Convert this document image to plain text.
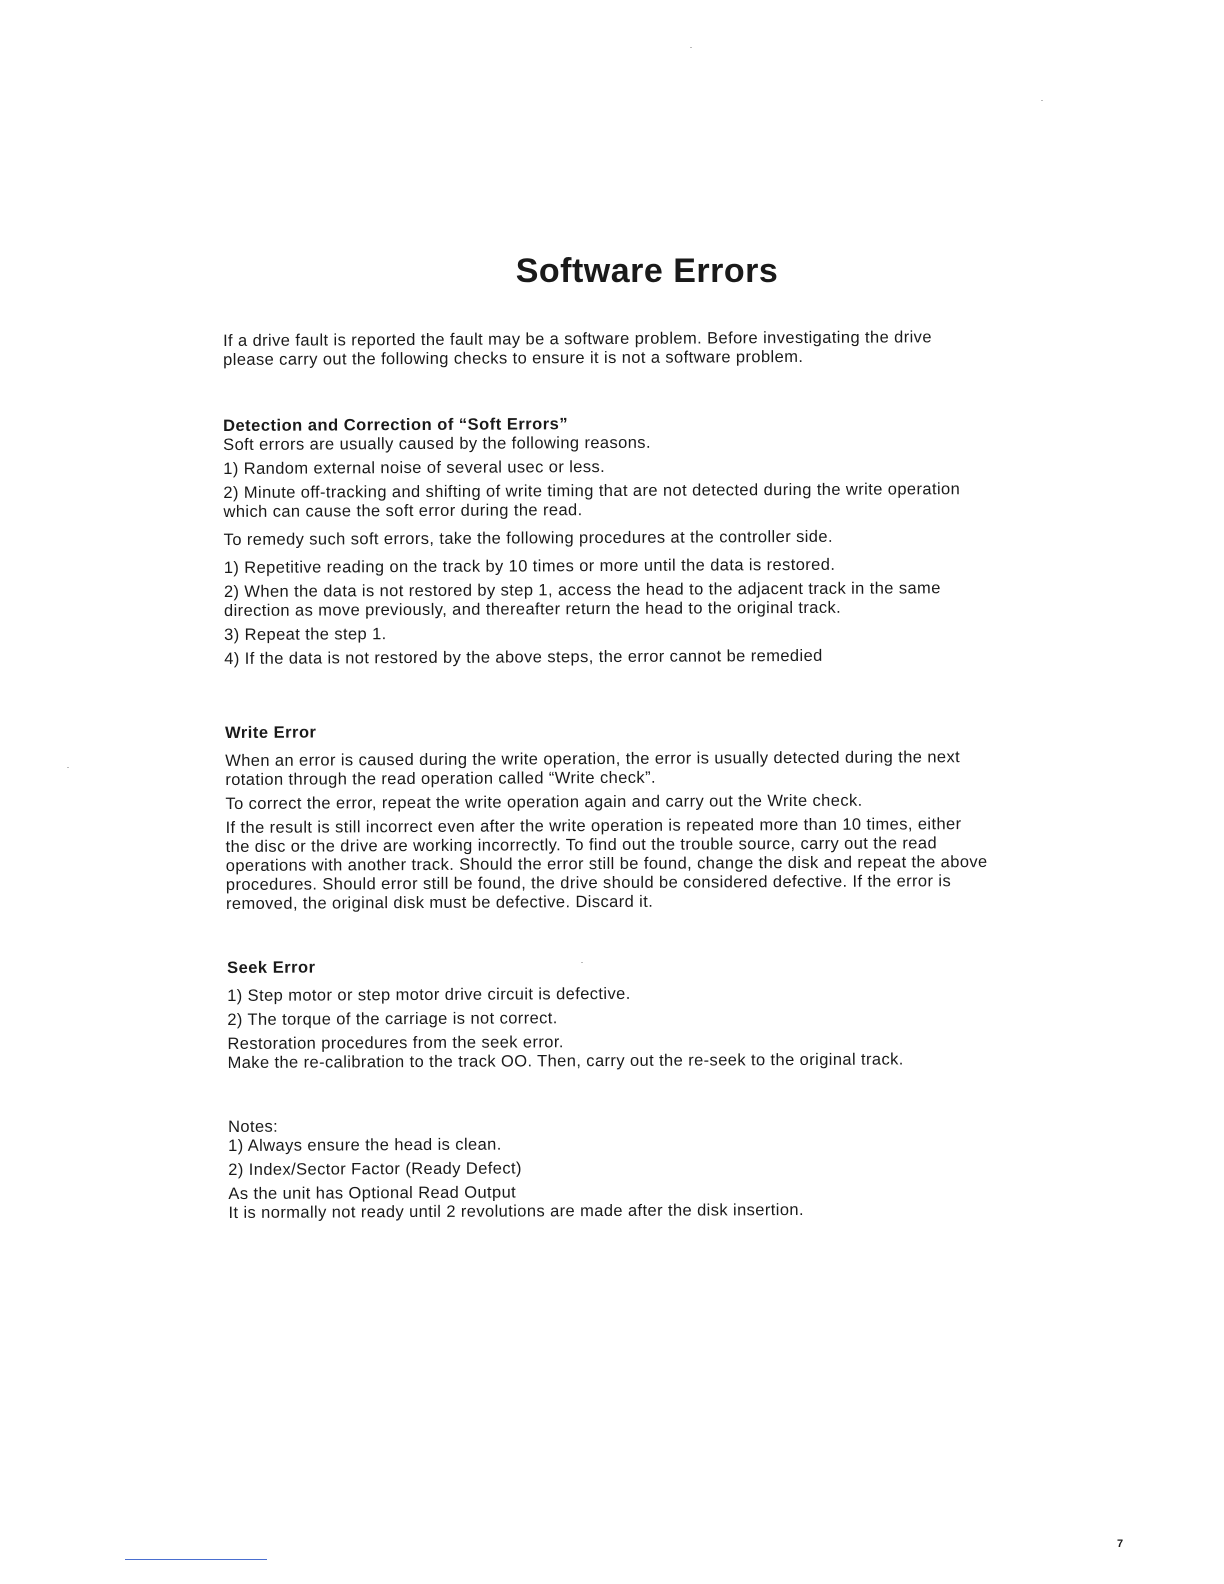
Software Errors

If a drive fault is reported the fault may be a software problem. Before investigating the drive

please carry out the following checks to ensure it is not a software problem.

Detection and Correction of “Soft Errors”

Soft errors are usually caused by the following reasons.

1) Random external noise of several usec or less.

2) Minute off-tracking and shifting of write timing that are not detected during the write operation

which can cause the soft error during the read.

To remedy such soft errors, take the following procedures at the controller side.

1) Repetitive reading on the track by 10 times or more until the data is restored.

2) When the data is not restored by step 1, access the head to the adjacent track in the same

direction as move previously, and thereafter return the head to the original track.

3) Repeat the step 1.

4) If the data is not restored by the above steps, the error cannot be remedied

Write Error

When an error is caused during the write operation, the error is usually detected during the next

rotation through the read operation called “Write check”.

To correct the error, repeat the write operation again and carry out the Write check.

If the result is still incorrect even after the write operation is repeated more than 10 times, either

the disc or the drive are working incorrectly. To find out the trouble source, carry out the read

operations with another track. Should the error still be found, change the disk and repeat the above

procedures. Should error still be found, the drive should be considered defective. If the error is

removed, the original disk must be defective. Discard it.

Seek Error

1) Step motor or step motor drive circuit is defective.

2) The torque of the carriage is not correct.

Restoration procedures from the seek error.

Make the re-calibration to the track OO. Then, carry out the re-seek to the original track.

Notes:

1) Always ensure the head is clean.

2) Index/Sector Factor (Ready Defect)

As the unit has Optional Read Output

It is normally not ready until 2 revolutions are made after the disk insertion.

7
